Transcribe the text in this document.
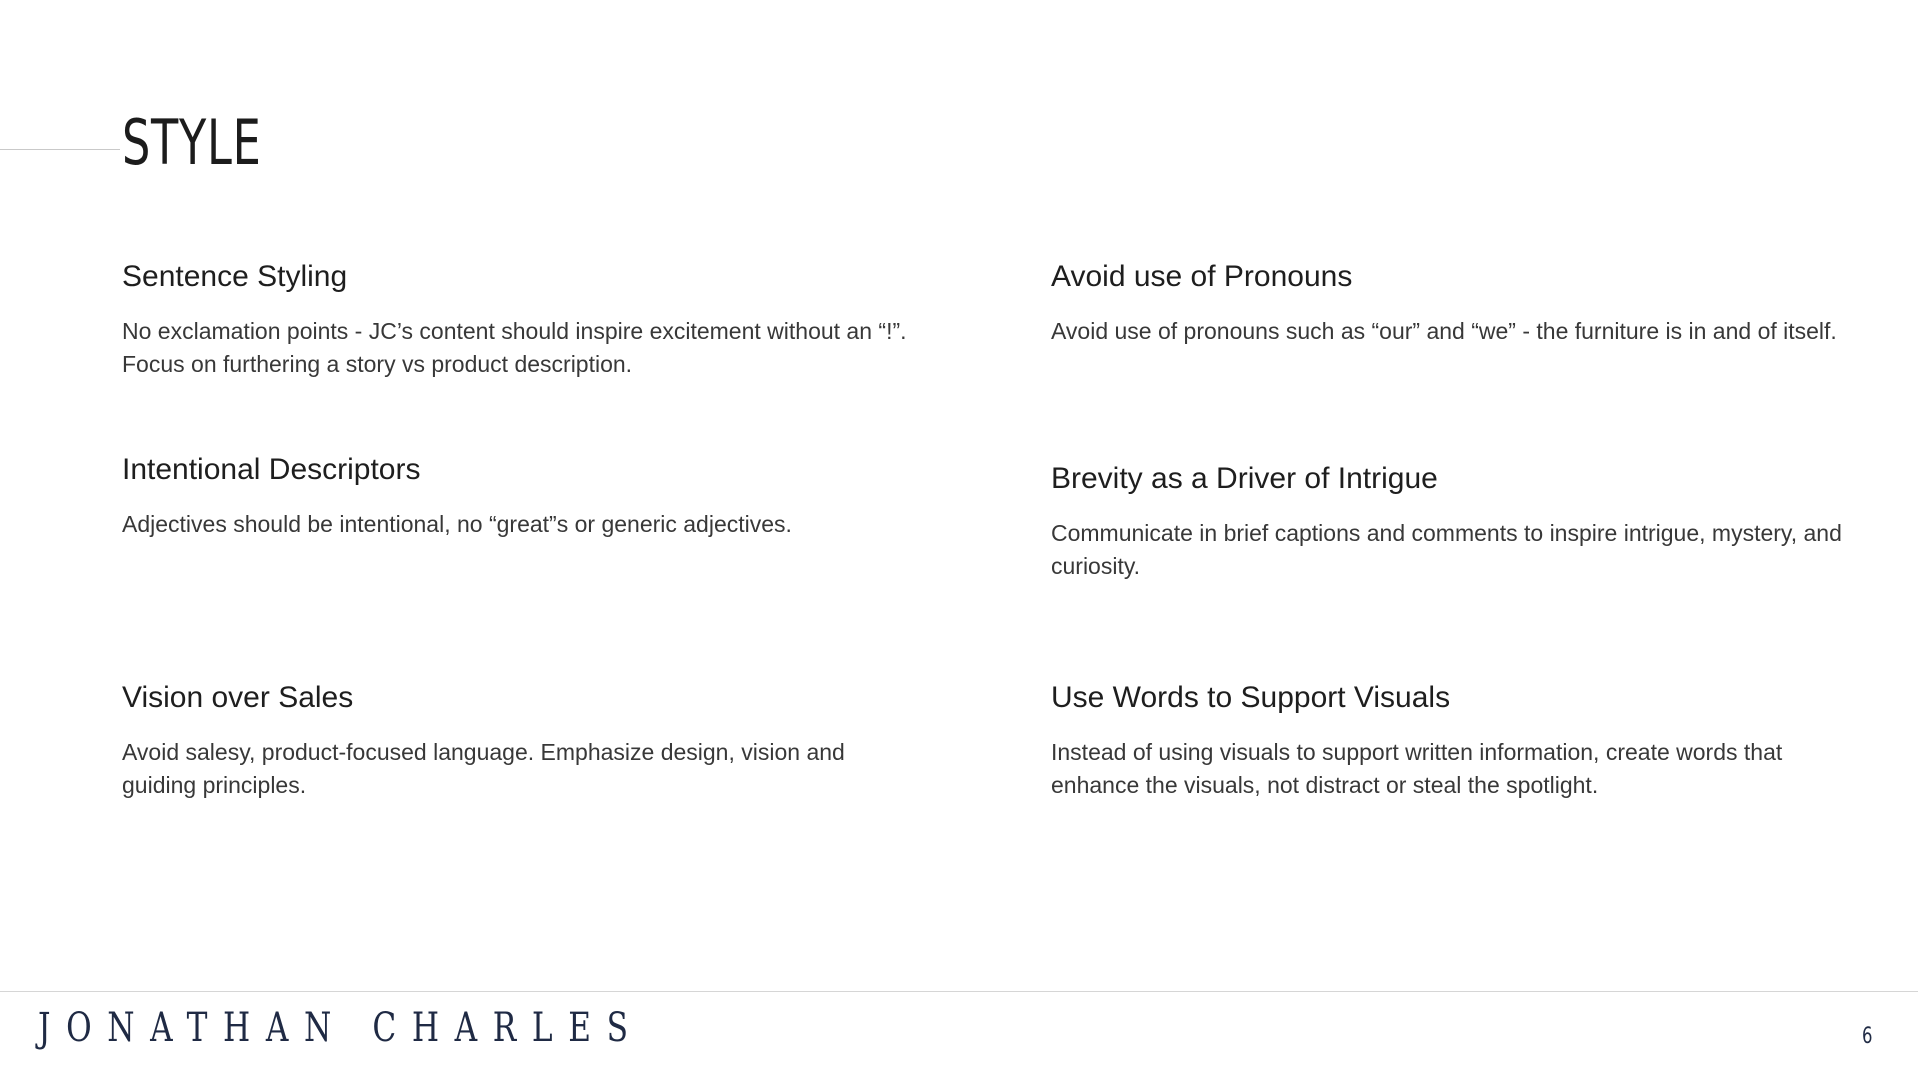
STYLE
Sentence Styling

No exclamation points - JC’s content should inspire excitement without an “!”. Focus on furthering a story vs product description.

Avoid use of Pronouns

Avoid use of pronouns such as “our” and “we” - the furniture is in and of itself.

Intentional Descriptors

Adjectives should be intentional, no “great”s or generic adjectives.

Brevity as a Driver of Intrigue

Communicate in brief captions and comments to inspire intrigue, mystery, and curiosity.

Vision over Sales

Avoid salesy, product-focused language. Emphasize design, vision and guiding principles.

Use Words to Support Visuals

Instead of using visuals to support written information, create words that enhance the visuals, not distract or steal the spotlight.

JONATHAN CHARLES	6
